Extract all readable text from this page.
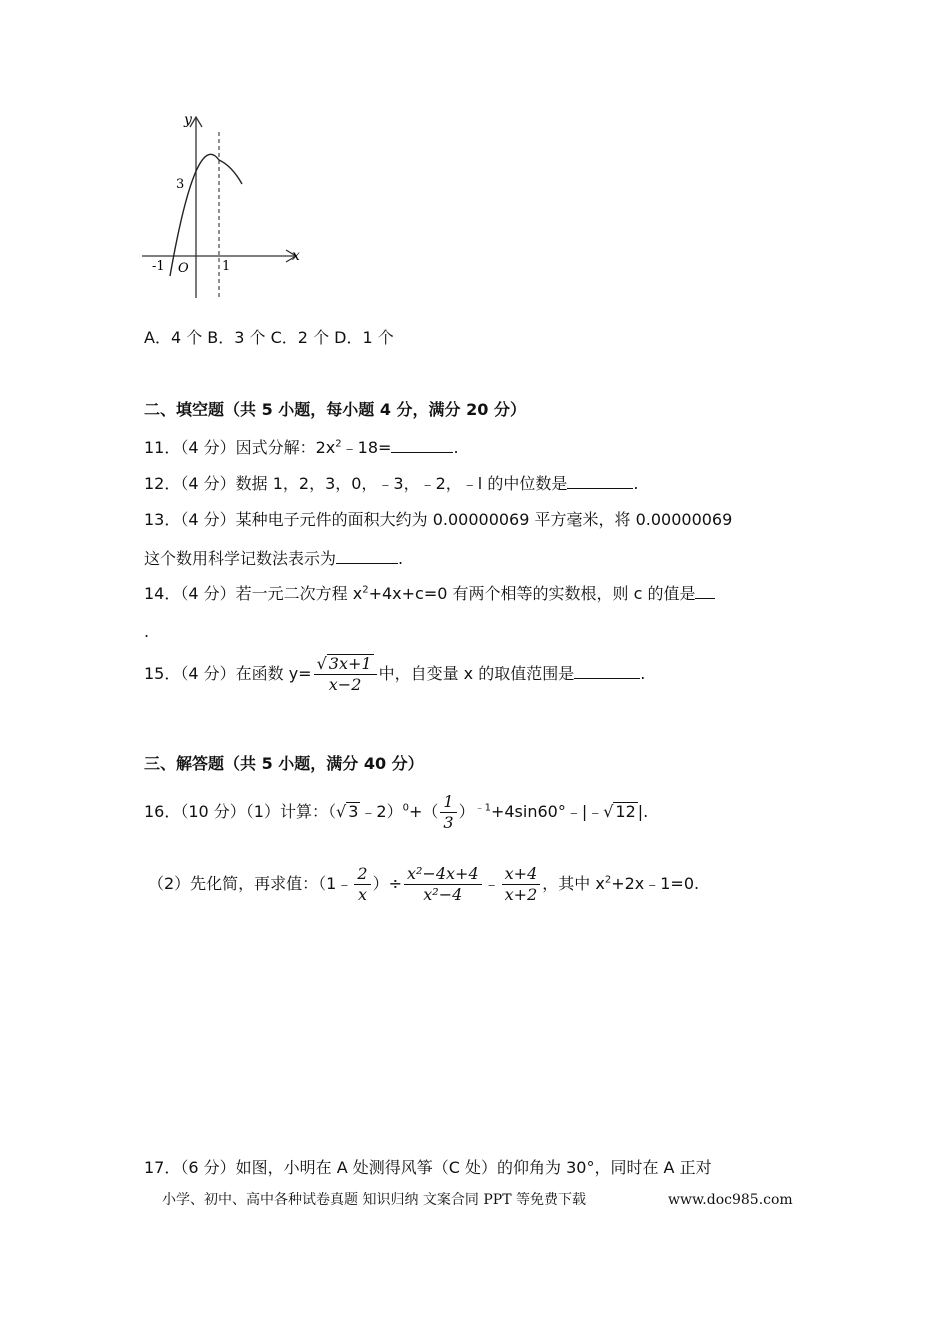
y
x
O
3
-1	1
A．4 个 B．3 个 C．2 个 D．1 个
二、填空题（共 5 小题，每小题 4 分，满分 20 分）
11．（4 分）因式分解：$2x^2﹣18=$	.
12．（4 分）数据 1，2，3，0，﹣3，﹣2，﹣l 的中位数是	.
13．（4 分）某种电子元件的面积大约为 0.00000069 平方毫米，将 0.00000069
这个数用科学记数法表示为	.
14．（4 分）若一元二次方程 $x^2+4x+c=0$ 有两个相等的实数根，则 c 的值是
.
15．（4 分）在函数 $y= \frac{√ 3x+1}{x-2}$ 中，自变量 x 的取值范围是	.
三、解答题（共 5 小题，满分 40 分）
16．（10 分）（1）计算：（√ 3 ﹣2）$^0$+（ $\frac{1}{3}$ ）$^{﹣1}$+4sin60°﹣|﹣√ 12 |.
（2）先化简，再求值：（1﹣ $\frac{2}{x}$ ）÷ $\frac{\text{x²−4x+4}}{\text{x²−4}}$ ﹣ $\frac{x+4}{x+2}$ ，其中 $x^2+2x﹣1=0$.
17．（6 分）如图，小明在 A 处测得风筝（C 处）的仰角为 30°，同时在 A 正对
小学、初中、高中各种试卷真题 知识归纳 文案合同 PPT 等免费下载	www.doc985.com
